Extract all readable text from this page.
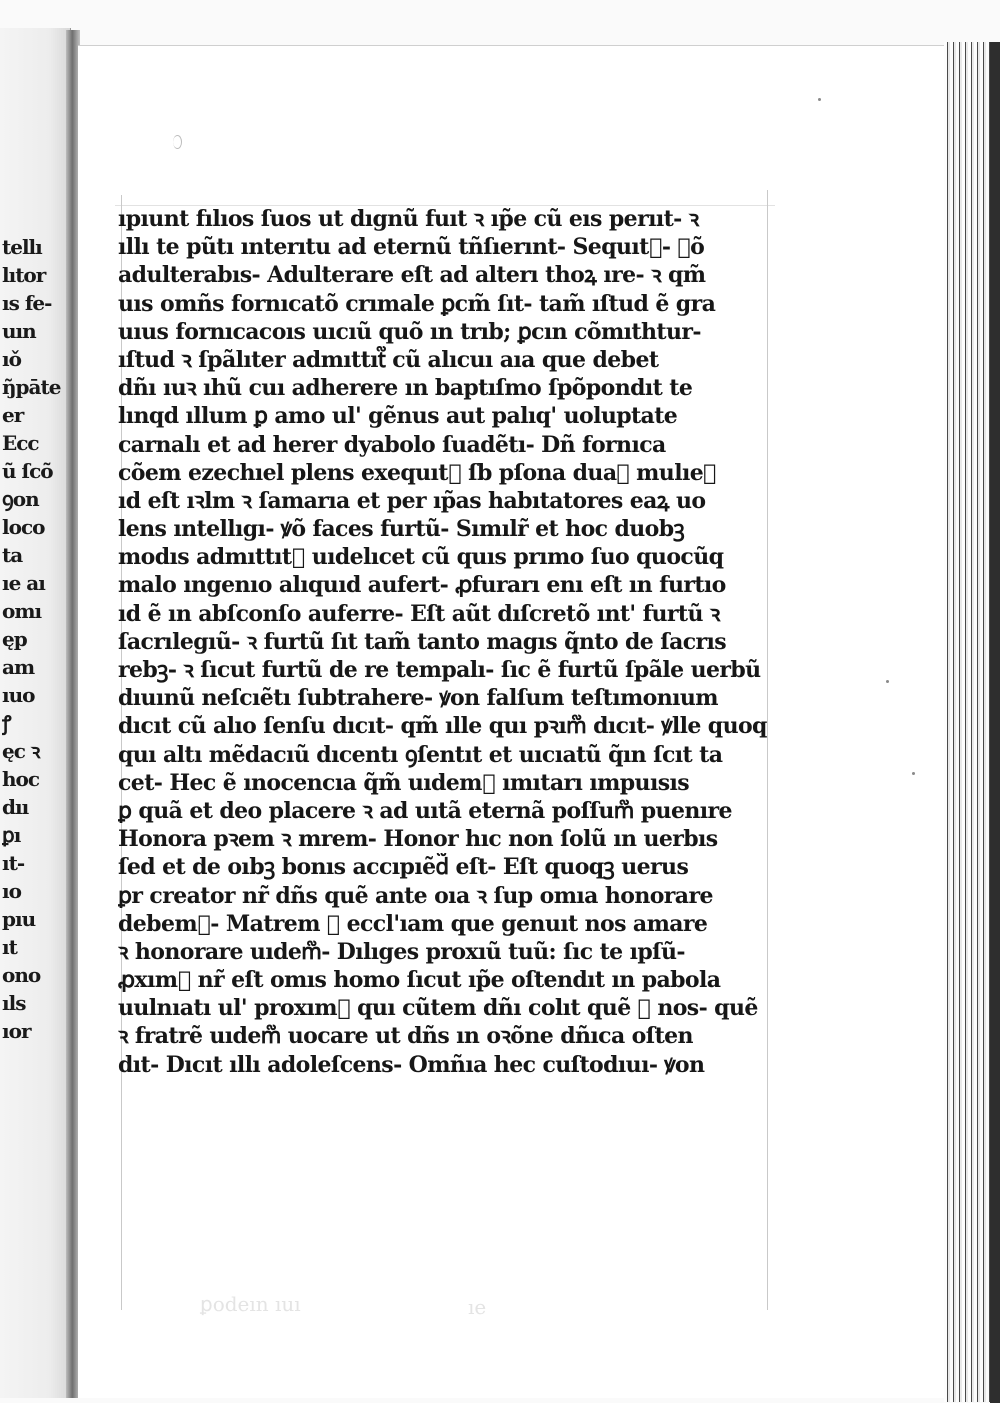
tellı
lıtor
ıs fe-
uın
ıǒ
ŋ̃pāte
er
Ecc
ũ ſcõ
ꝯon
loco
ta
ıe aı
omı
ęp
am
ıuo
ꝭ
ęc ꝛ
hoc
dıı
ꝑı
ıt-
ıo
pıu
ıt
ono
ıls
ıor
ıpıunt fılıos ſuos ut dıgnũ fuıt ꝛ ıp̃e cũ eıs perııt- ꝛ
ıllı te pũtı ınterıtu ad eternũ tñſıerınt- Sequıt᷑- ꝟõ
adulterabıs- Adulterare eſt ad alterı thoꝝ ıre- ꝛ qm̃
uıs omñs fornıcatõ crımale ꝑcm̃ ſıt- tam̃ ıſtud ẽ gra
uıus fornıcacoıs uıcıũ quõ ın trıb; ꝑcın cõmıthtur-
ıſtud ꝛ ſpãlıter admıttıt᷑ cũ alıcuı aıa que debet
dñı ıuꝛ ıhũ cuı adherere ın baptıſmo ſpõpondıt te
lınqd ıllum ꝑ amo ul' gẽnus aut palıq' uoluptate
carnalı et ad herer dyabolo ſuadẽtı- Dñ fornıca
cõem ezechıel plens exequıt᷑ ſb pſona duaꝝ mulıeꝝ
ıd eſt ıꝛlm ꝛ ſamarıa et per ıp̃as habıtatores eaꝝ uo
lens ıntellıgı- ꝟõ faces furtũ- Sımılr̃ et hoc duobꝫ
modıs admıttıt᷑ uıdelıcet cũ quıs prımo ſuo quocũq
malo ıngenıo alıquıd aufert- ꝓfurarı enı eſt ın furtıo
ıd ẽ ın abſconſo auferre- Eſt aũt dıſcretõ ınt' furtũ ꝛ
ſacrılegıũ- ꝛ furtũ ſıt tam̃ tanto magıs q̃nto de ſacrıs
rebꝫ- ꝛ ſıcut furtũ de re tempalı- ſıc ẽ furtũ ſpãle uerbũ
dıuınũ neſcıẽtı ſubtrahere- ꝟon falſum teſtımonıum
dıcıt cũ alıo ſenſu dıcıt- qm̃ ılle quı pꝛım᷑ dıcıt- ꝟlle quoq
quı altı mẽdacıũ dıcentı ꝯſentıt et uıcıatũ q̃ın ſcıt ta
cet- Hec ẽ ınocencıa q̃m̃ uıdem᷑ ımıtarı ımpuısıs
ꝑ quã et deo placere ꝛ ad uıtã eternã poſſum᷑ puenıre
Honora pꝛem ꝛ mrem- Honor hıc non ſolũ ın uerbıs
ſed et de oıbꝫ bonıs accıpıẽd᷑ eſt- Eſt quoqꝫ uerus
ꝑr creator nr̃ dñs quẽ ante oıa ꝛ ſup omıa honorare
debem᷑- Matrem ꝛ eccl'ıam que genuıt nos amare
ꝛ honorare uıdem᷑- Dılıges proxıũ tuũ: ſıc te ıpſũ-
ꝓxım᷑ nr̃ eſt omıs homo ſıcut ıp̃e oſtendıt ın pabola
uulnıatı ul' proxım᷑ quı cũtem dñı colıt quẽ ꝛ nos- quẽ
ꝛ fratrẽ uıdem᷑ uocare ut dñs ın oꝛõne dñıca oſten
dıt- Dıcıt ıllı adoleſcens- Omñıa hec cuſtodıuı- ꝟon
ꝑodeın ıuı	ıe
